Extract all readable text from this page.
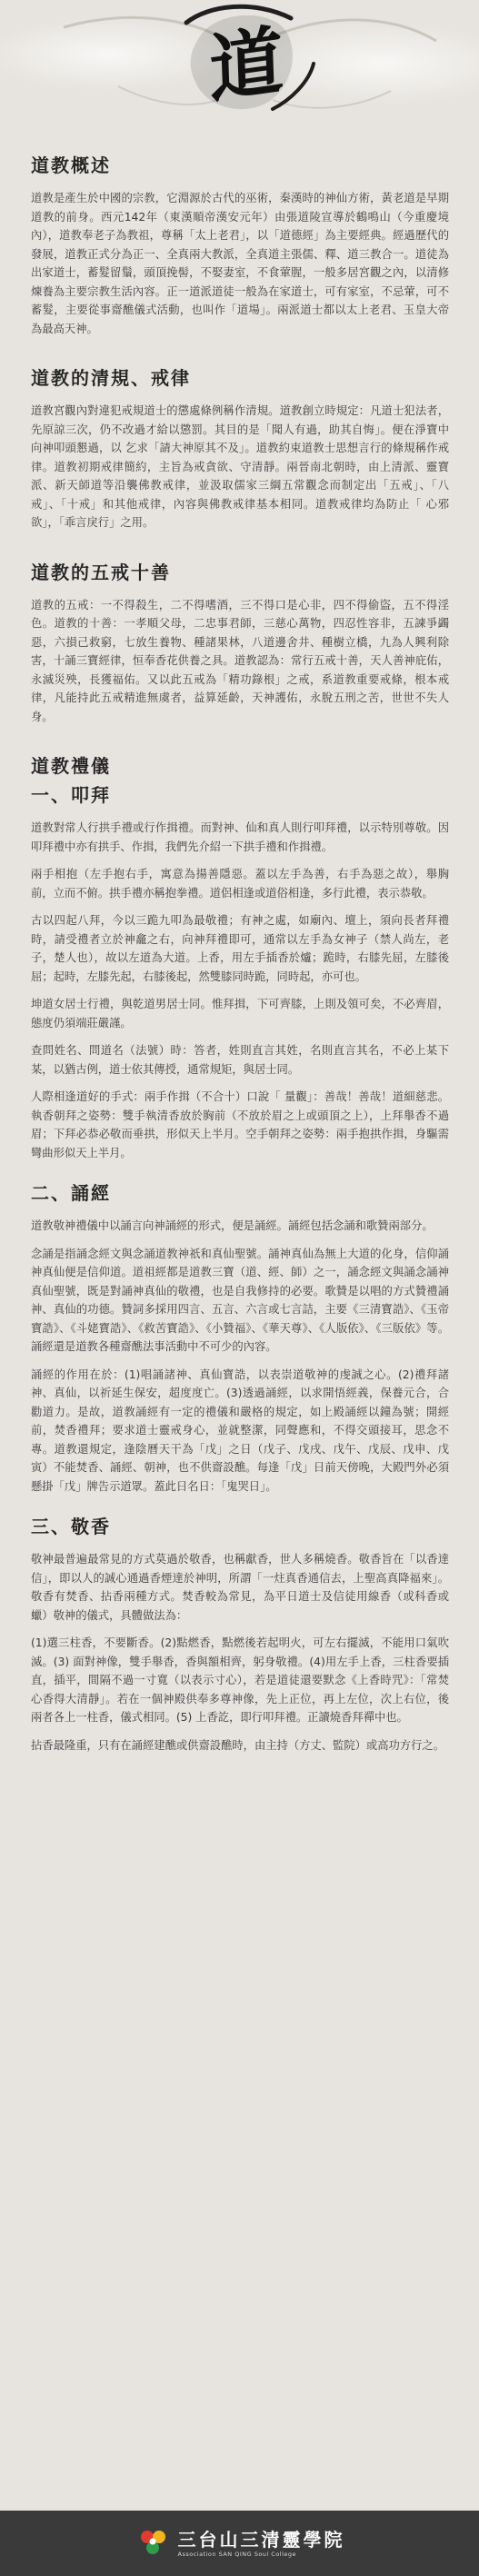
道
道教概述

道教是產生於中國的宗教，它淵源於古代的巫術，秦漢時的神仙方術，黃老道是早期道教的前身。西元142年（東漢順帝漢安元年）由張道陵宣導於鶴鳴山（今重慶境內），道教奉老子為教祖，尊稱「太上老君」，以「道德經」為主要經典。經過歷代的發展，道教正式分為正一、全真兩大教派，全真道主張儒、釋、道三教合一。道徒為出家道士，蓄髮留鬚，頭頂挽髻，不娶妻室，不食葷腥，一般多居宮觀之內，以清修煉養為主要宗教生活內容。正一道派道徒一般為在家道士，可有家室，不忌葷，可不蓄髮，主要從事齋醮儀式活動，也叫作「道場」。兩派道士都以太上老君、玉皇大帝為最高天神。

道教的清規、戒律

道教宮觀內對違犯戒規道士的懲處條例稱作清規。道教創立時規定：凡道士犯法者，先原諒三次，仍不改過才給以懲罰。其目的是「聞人有過，助其自悔」。便在淨寶中向神叩頭懇過，以 乞求「請大神原其不及」。道教約束道教士思想言行的條規稱作戒律。道教初期戒律簡約，主旨為戒貪欲、守清靜。兩晉南北朝時，由上清派、靈寶派、新天師道等沿襲佛教戒律，並汲取儒家三綱五常觀念而制定出「五戒」、「八戒」、「十戒」和其他戒律，內容與佛教戒律基本相同。道教戒律均為防止「 心邪欲」，「乖言戾行」之用。

道教的五戒十善

道教的五戒：一不得殺生，二不得嗜酒，三不得口是心非，四不得偷盜，五不得淫色。道教的十善：一孝順父母，二忠事君師，三慈心萬物，四忍性容非，五諫爭蠲惡，六損己救窮，七放生養物、種諸果林，八道邊舍井、種樹立橋，九為人興利除害，十誦三寶經律，恒奉香花供養之具。道教認為：常行五戒十善，天人善神庇佑，永滅災殃，長獲福佑。又以此五戒為「精功錄根」之戒，系道教重要戒條，根本戒律，凡能持此五戒精進無虞者，益算延齡，天神護佑，永脫五刑之苦，世世不失人身。

道教禮儀
一、叩拜

道教對常人行拱手禮或行作揖禮。而對神、仙和真人則行叩拜禮，以示特別尊敬。因叩拜禮中亦有拱手、作揖，我們先介紹一下拱手禮和作揖禮。

兩手相抱（左手抱右手，寓意為揚善隱惡。蓋以左手為善，右手為惡之故），舉胸前，立而不俯。拱手禮亦稱抱拳禮。道侶相逢或道俗相逢，多行此禮，表示恭敬。

古以四起八拜，今以三跪九叩為最敬禮；有神之處，如廟內、壇上，須向長者拜禮時，請受禮者立於神龕之右，向神拜禮即可，通常以左手為女神子（禁人尚左，老子，楚人也），故以左道為大道。上香，用左手插香於爐；跪時，右膝先屈，左膝後屈；起時，左膝先起，右膝後起，然雙膝同時跪，同時起，亦可也。

坤道女居士行禮，與乾道男居士同。惟拜揖，下可齊膝，上則及領可矣，不必齊眉，態度仍須端莊嚴謹。

查問姓名、問道名（法號）時：答者，姓則直言其姓，名則直言其名，不必上某下某，以猶古例，道士依其傳授，通常規矩，與居士同。

人際相逢道好的手式：兩手作揖（不合十）口說「 量觀」：善哉！善哉！道細慈悲。執香朝拜之姿勢：雙手執清香放於胸前（不放於眉之上或頭頂之上），上拜舉香不過眉；下拜必恭必敬而垂拱，形似天上半月。空手朝拜之姿勢：兩手抱拱作揖，身驅需彎曲形似天上半月。

二、誦經

道教敬神禮儀中以誦言向神誦經的形式，便是誦經。誦經包括念誦和歌贊兩部分。

念誦是指誦念經文與念誦道教神祇和真仙聖號。誦神真仙為無上大道的化身，信仰誦神真仙便是信仰道。道祖經都是道教三寶（道、經、師）之一，誦念經文與誦念誦神真仙聖號，既是對誦神真仙的敬禮，也是自我修持的必要。歌贊是以唱的方式贊禮誦神、真仙的功德。贊詞多採用四言、五言、六言或七言詰，主要《三清寶誥》、《玉帝寶誥》、《斗姥寶誥》、《救苦寶誥》、《小贊福》、《華天尊》、《人版依》、《三版依》等。誦經還是道教各種齋醮法事活動中不可少的內容。

誦經的作用在於：(1)唱誦諸神、真仙寶誥，以表崇道敬神的虔誠之心。(2)禮拜諸神、真仙，以祈延生保安，超度度亡。(3)透過誦經，以求開悟經義，保養元合，合勸道力。是故，道教誦經有一定的禮儀和嚴格的規定，如上殿誦經以鐘為號；開經前，焚香禮拜；要求道士靈戒身心，並就整潔，同聲應和，不得交頭接耳，思念不專。道教還規定，逢陰曆天干為「戊」之日（戊子、戊戌、戊午、戊辰、戊申、戊寅）不能焚香、誦經、朝神，也不供齋設醮。每逢「戊」日前天傍晚，大殿門外必須懸掛「戊」牌告示道眾。蓋此日名日：「鬼哭日」。

三、敬香

敬神最普遍最常見的方式莫過於敬香，也稱獻香，世人多稱燒香。敬香旨在「以香達信」，即以人的誠心通過香煙達於神明，所謂「一炷真香通信去，上聖高真降福來」。敬香有焚香、拈香兩種方式。焚香較為常見，為平日道士及信徒用線香（或科香或蠟）敬神的儀式，具體做法為：

(1)選三柱香，不要斷香。(2)點燃香，點燃後若起明火，可左右擺滅，不能用口氣吹滅。(3) 面對神像，雙手舉香，香與額相齊，躬身敬禮。(4)用左手上香，三柱香要插直，插平，間隔不過一寸寬（以表示寸心），若是道徒還要默念《上香時咒》：「常焚心香得大清靜」。若在一個神殿供奉多尊神像，先上正位，再上左位，次上右位，後兩者各上一柱香，儀式相同。(5) 上香訖，即行叩拜禮。正讀燒香拜禪中也。

拈香最隆重，只有在誦經建醮或供齋設醮時，由主持（方丈、監院）或高功方行之。

三台山三清靈學院
Association SAN QING Soul College
